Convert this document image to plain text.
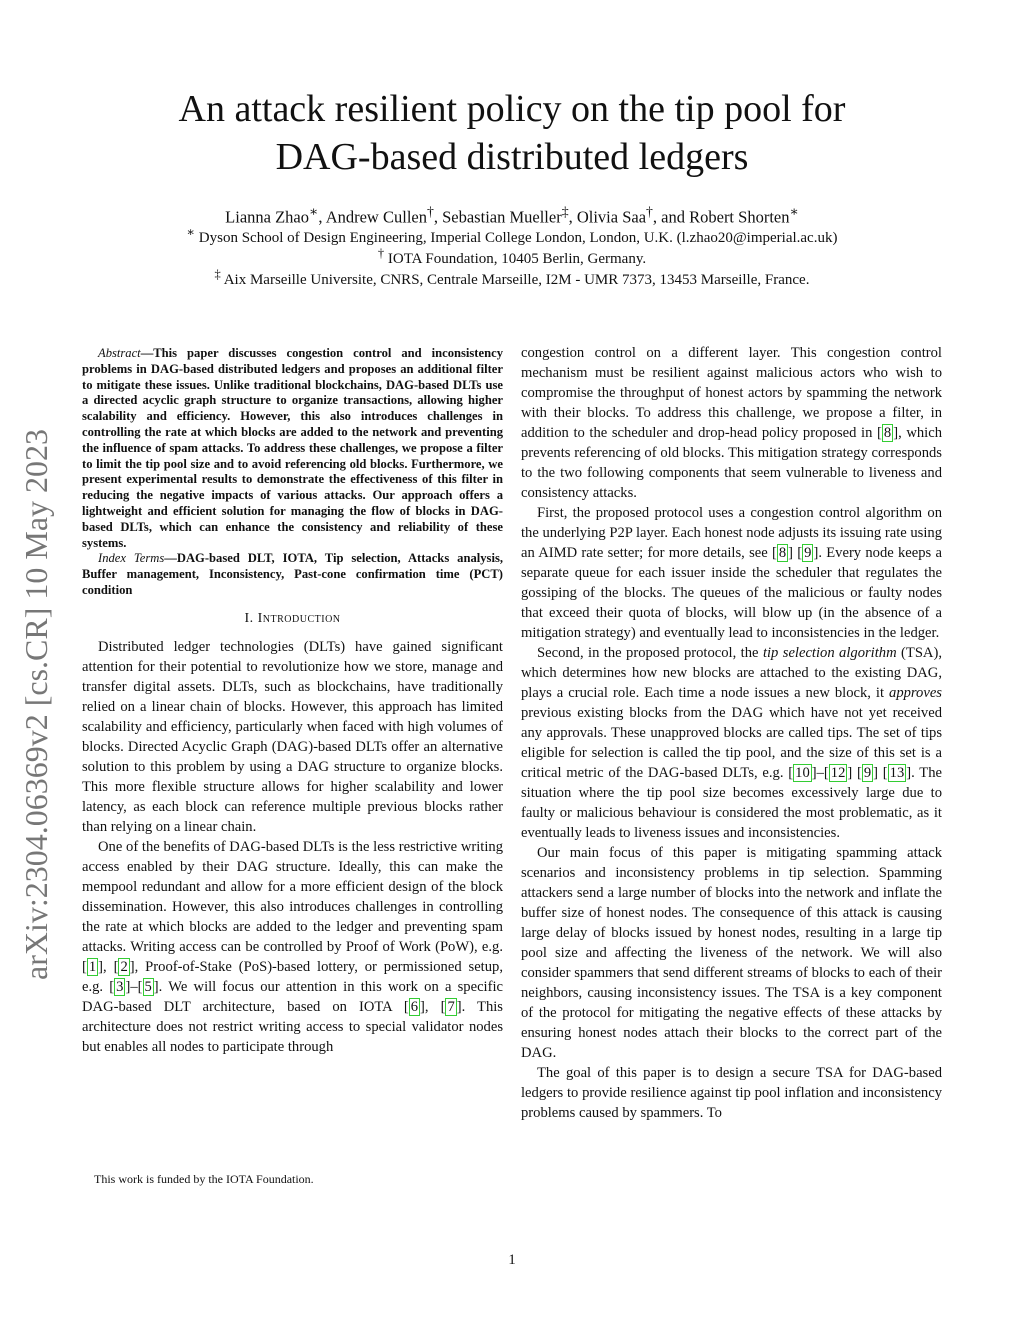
arXiv:2304.06369v2 [cs.CR] 10 May 2023
An attack resilient policy on the tip pool for
DAG-based distributed ledgers
Lianna Zhao∗, Andrew Cullen†, Sebastian Mueller‡, Olivia Saa†, and Robert Shorten∗
∗ Dyson School of Design Engineering, Imperial College London, London, U.K. (l.zhao20@imperial.ac.uk)
† IOTA Foundation, 10405 Berlin, Germany.
‡ Aix Marseille Universite, CNRS, Centrale Marseille, I2M - UMR 7373, 13453 Marseille, France.

Abstract—This paper discusses congestion control and inconsistency problems in DAG-based distributed ledgers and proposes an additional filter to mitigate these issues. Unlike traditional blockchains, DAG-based DLTs use a directed acyclic graph structure to organize transactions, allowing higher scalability and efficiency. However, this also introduces challenges in controlling the rate at which blocks are added to the network and preventing the influence of spam attacks. To address these challenges, we propose a filter to limit the tip pool size and to avoid referencing old blocks. Furthermore, we present experimental results to demonstrate the effectiveness of this filter in reducing the negative impacts of various attacks. Our approach offers a lightweight and efficient solution for managing the flow of blocks in DAG-based DLTs, which can enhance the consistency and reliability of these systems.

Index Terms—DAG-based DLT, IOTA, Tip selection, Attacks analysis, Buffer management, Inconsistency, Past-cone confirmation time (PCT) condition

I. Introduction

Distributed ledger technologies (DLTs) have gained significant attention for their potential to revolutionize how we store, manage and transfer digital assets. DLTs, such as blockchains, have traditionally relied on a linear chain of blocks. However, this approach has limited scalability and efficiency, particularly when faced with high volumes of blocks. Directed Acyclic Graph (DAG)-based DLTs offer an alternative solution to this problem by using a DAG structure to organize blocks. This more flexible structure allows for higher scalability and lower latency, as each block can reference multiple previous blocks rather than relying on a linear chain.

One of the benefits of DAG-based DLTs is the less restrictive writing access enabled by their DAG structure. Ideally, this can make the mempool redundant and allow for a more efficient design of the block dissemination. However, this also introduces challenges in controlling the rate at which blocks are added to the ledger and preventing spam attacks. Writing access can be controlled by Proof of Work (PoW), e.g. [ 1 ], [ 2 ], Proof-of-Stake (PoS)-based lottery, or permissioned setup, e.g. [ 3 ]–[ 5 ]. We will focus our attention in this work on a specific DAG-based DLT architecture, based on IOTA [ 6 ], [ 7 ]. This architecture does not restrict writing access to special validator nodes but enables all nodes to participate through

congestion control on a different layer. This congestion control mechanism must be resilient against malicious actors who wish to compromise the throughput of honest actors by spamming the network with their blocks. To address this challenge, we propose a filter, in addition to the scheduler and drop-head policy proposed in [ 8 ], which prevents referencing of old blocks. This mitigation strategy corresponds to the two following components that seem vulnerable to liveness and consistency attacks.

First, the proposed protocol uses a congestion control algorithm on the underlying P2P layer. Each honest node adjusts its issuing rate using an AIMD rate setter; for more details, see [ 8 ] [ 9 ]. Every node keeps a separate queue for each issuer inside the scheduler that regulates the gossiping of the blocks. The queues of the malicious or faulty nodes that exceed their quota of blocks, will blow up (in the absence of a mitigation strategy) and eventually lead to inconsistencies in the ledger.

Second, in the proposed protocol, the tip selection algorithm (TSA), which determines how new blocks are attached to the existing DAG, plays a crucial role. Each time a node issues a new block, it approves previous existing blocks from the DAG which have not yet received any approvals. These unapproved blocks are called tips. The set of tips eligible for selection is called the tip pool, and the size of this set is a critical metric of the DAG-based DLTs, e.g. [ 10 ]–[ 12 ] [ 9 ] [ 13 ]. The situation where the tip pool size becomes excessively large due to faulty or malicious behaviour is considered the most problematic, as it eventually leads to liveness issues and inconsistencies.

Our main focus of this paper is mitigating spamming attack scenarios and inconsistency problems in tip selection. Spamming attackers send a large number of blocks into the network and inflate the buffer size of honest nodes. The consequence of this attack is causing large delay of blocks issued by honest nodes, resulting in a large tip pool size and affecting the liveness of the network. We will also consider spammers that send different streams of blocks to each of their neighbors, causing inconsistency issues. The TSA is a key component of the protocol for mitigating the negative effects of these attacks by ensuring honest nodes attach their blocks to the correct part of the DAG.

The goal of this paper is to design a secure TSA for DAG-based ledgers to provide resilience against tip pool inflation and inconsistency problems caused by spammers. To

This work is funded by the IOTA Foundation.
1
